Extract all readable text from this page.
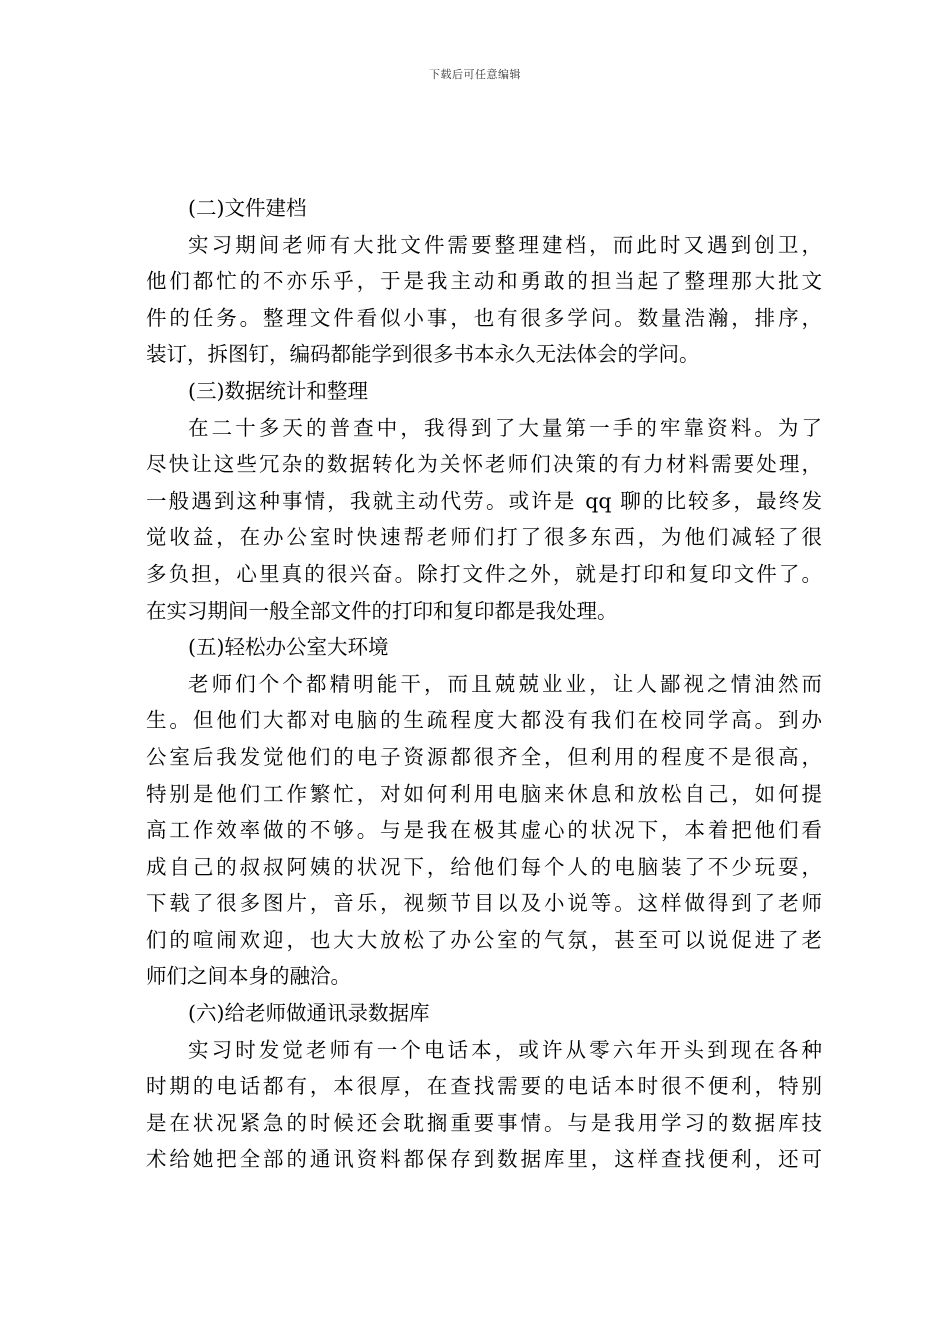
下载后可任意编辑
(二)文件建档
实习期间老师有大批文件需要整理建档，而此时又遇到创卫，
他们都忙的不亦乐乎，于是我主动和勇敢的担当起了整理那大批文
件的任务。整理文件看似小事，也有很多学问。数量浩瀚，排序，
装订，拆图钉，编码都能学到很多书本永久无法体会的学问。
(三)数据统计和整理
在二十多天的普查中，我得到了大量第一手的牢靠资料。为了
尽快让这些冗杂的数据转化为关怀老师们决策的有力材料需要处理，
一般遇到这种事情，我就主动代劳。或许是 qq 聊的比较多，最终发
觉收益，在办公室时快速帮老师们打了很多东西，为他们减轻了很
多负担，心里真的很兴奋。除打文件之外，就是打印和复印文件了。
在实习期间一般全部文件的打印和复印都是我处理。
(五)轻松办公室大环境
老师们个个都精明能干，而且兢兢业业，让人鄙视之情油然而
生。但他们大都对电脑的生疏程度大都没有我们在校同学高。到办
公室后我发觉他们的电子资源都很齐全，但利用的程度不是很高，
特别是他们工作繁忙，对如何利用电脑来休息和放松自己，如何提
高工作效率做的不够。与是我在极其虚心的状况下，本着把他们看
成自己的叔叔阿姨的状况下，给他们每个人的电脑装了不少玩耍，
下载了很多图片，音乐，视频节目以及小说等。这样做得到了老师
们的喧闹欢迎，也大大放松了办公室的气氛，甚至可以说促进了老
师们之间本身的融洽。
(六)给老师做通讯录数据库
实习时发觉老师有一个电话本，或许从零六年开头到现在各种
时期的电话都有，本很厚，在查找需要的电话本时很不便利，特别
是在状况紧急的时候还会耽搁重要事情。与是我用学习的数据库技
术给她把全部的通讯资料都保存到数据库里，这样查找便利，还可
